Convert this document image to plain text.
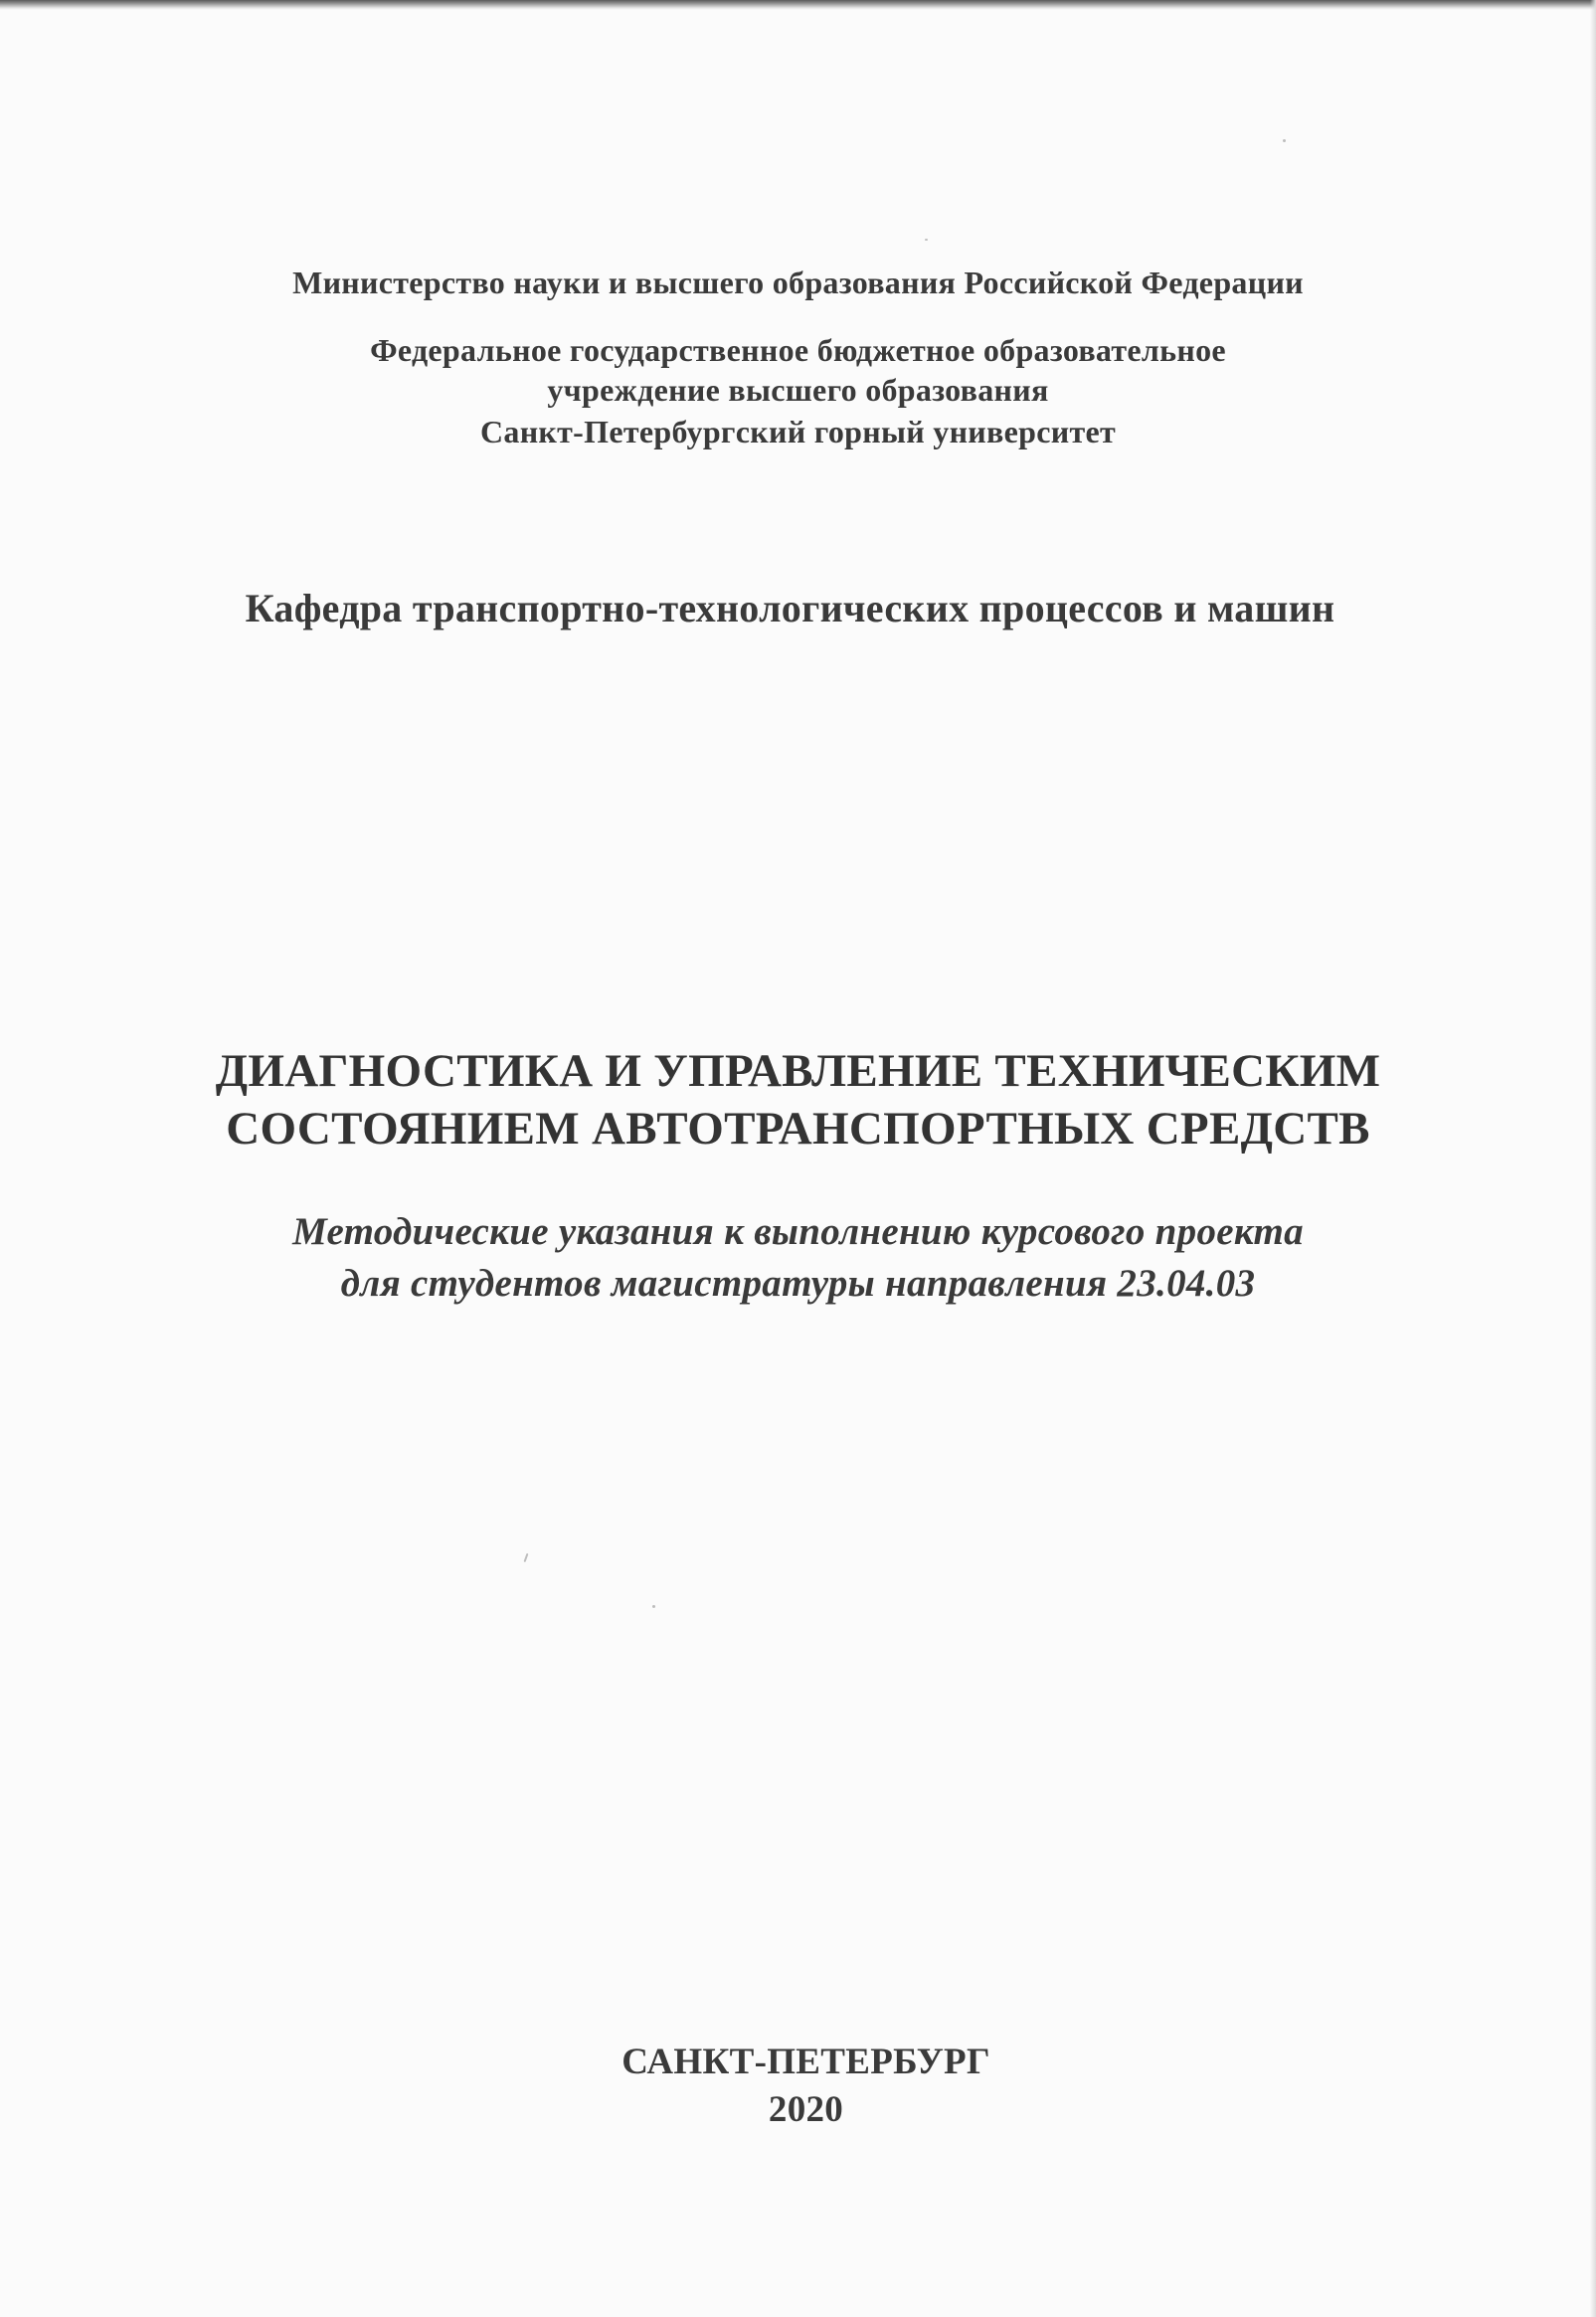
Министерство науки и высшего образования Российской Федерации
Федеральное государственное бюджетное образовательное
учреждение высшего образования
Санкт-Петербургский горный университет
Кафедра транспортно-технологических процессов и машин
ДИАГНОСТИКА И УПРАВЛЕНИЕ ТЕХНИЧЕСКИМ
СОСТОЯНИЕМ АВТОТРАНСПОРТНЫХ СРЕДСТВ
Методические указания к выполнению курсового проекта
для студентов магистратуры направления 23.04.03
САНКТ-ПЕТЕРБУРГ
2020
